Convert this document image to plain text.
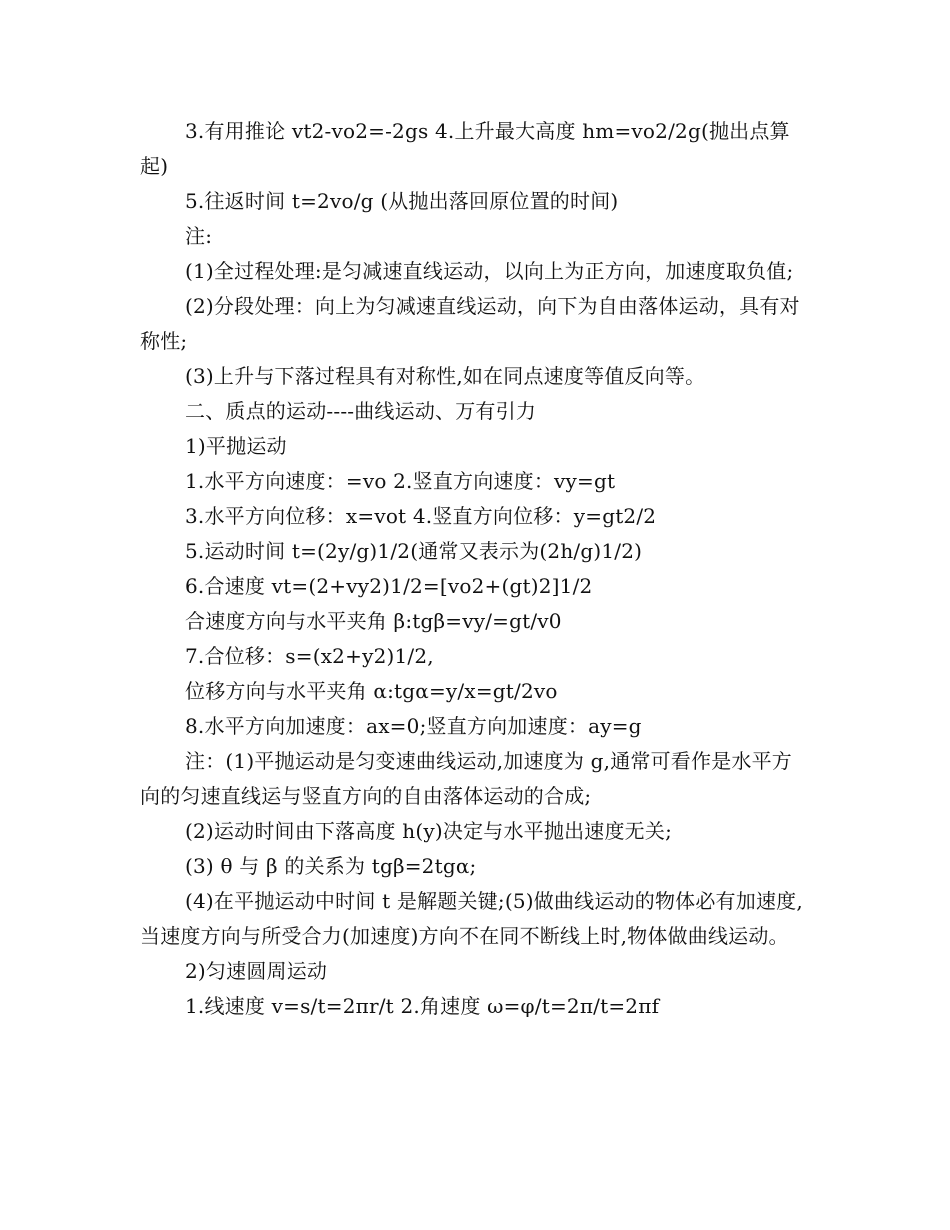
3.有用推论 vt2-vo2=-2gs 4.上升最大高度 hm=vo2/2g(抛出点算起)

5.往返时间 t=2vo/g (从抛出落回原位置的时间)

注:

(1)全过程处理:是匀减速直线运动，以向上为正方向，加速度取负值;

(2)分段处理：向上为匀减速直线运动，向下为自由落体运动，具有对称性;

(3)上升与下落过程具有对称性,如在同点速度等值反向等。

二、质点的运动----曲线运动、万有引力

1)平抛运动

1.水平方向速度：=vo 2.竖直方向速度：vy=gt

3.水平方向位移：x=vot 4.竖直方向位移：y=gt2/2

5.运动时间 t=(2y/g)1/2(通常又表示为(2h/g)1/2)

6.合速度 vt=(2+vy2)1/2=[vo2+(gt)2]1/2

合速度方向与水平夹角 β:tgβ=vy/=gt/v0

7.合位移：s=(x2+y2)1/2,

位移方向与水平夹角 α:tgα=y/x=gt/2vo

8.水平方向加速度：ax=0;竖直方向加速度：ay=g

注：(1)平抛运动是匀变速曲线运动,加速度为 g,通常可看作是水平方向的匀速直线运与竖直方向的自由落体运动的合成;

(2)运动时间由下落高度 h(y)决定与水平抛出速度无关;

(3) θ 与 β 的关系为 tgβ=2tgα;

(4)在平抛运动中时间 t 是解题关键;(5)做曲线运动的物体必有加速度,当速度方向与所受合力(加速度)方向不在同不断线上时,物体做曲线运动。

2)匀速圆周运动

1.线速度 v=s/t=2πr/t 2.角速度 ω=φ/t=2π/t=2πf
